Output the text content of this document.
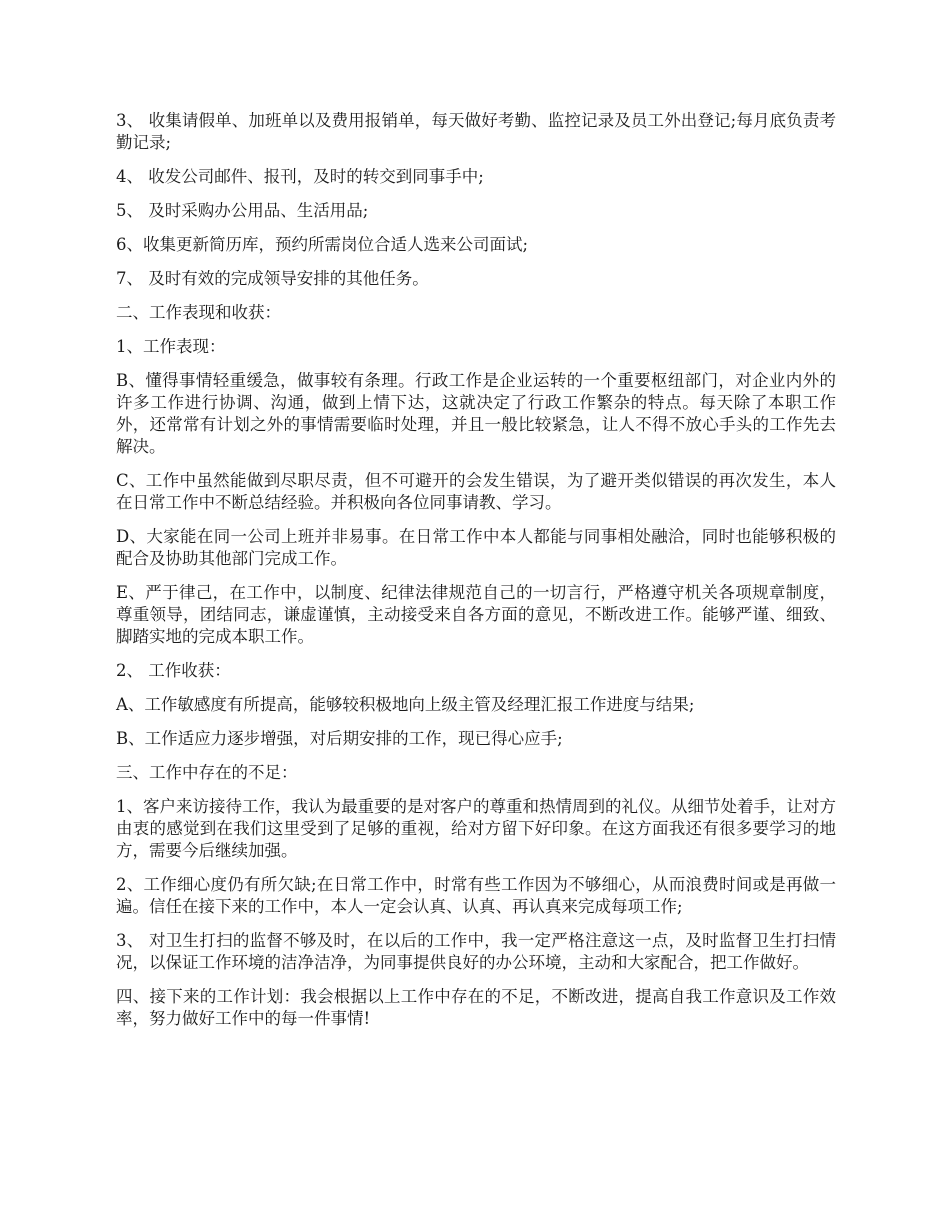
3、 收集请假单、加班单以及费用报销单，每天做好考勤、监控记录及员工外出登记;每月底负责考勤记录;

4、 收发公司邮件、报刊，及时的转交到同事手中;

5、 及时采购办公用品、生活用品;

6、收集更新简历库，预约所需岗位合适人选来公司面试;

7、 及时有效的完成领导安排的其他任务。

二、工作表现和收获：

1、工作表现：

B、懂得事情轻重缓急，做事较有条理。行政工作是企业运转的一个重要枢纽部门，对企业内外的许多工作进行协调、沟通，做到上情下达，这就决定了行政工作繁杂的特点。每天除了本职工作外，还常常有计划之外的事情需要临时处理，并且一般比较紧急，让人不得不放心手头的工作先去解决。

C、工作中虽然能做到尽职尽责，但不可避开的会发生错误，为了避开类似错误的再次发生，本人在日常工作中不断总结经验。并积极向各位同事请教、学习。

D、大家能在同一公司上班并非易事。在日常工作中本人都能与同事相处融洽，同时也能够积极的配合及协助其他部门完成工作。

E、严于律己，在工作中，以制度、纪律法律规范自己的一切言行，严格遵守机关各项规章制度，尊重领导，团结同志，谦虚谨慎，主动接受来自各方面的意见，不断改进工作。能够严谨、细致、脚踏实地的完成本职工作。

2、 工作收获：

A、工作敏感度有所提高，能够较积极地向上级主管及经理汇报工作进度与结果;

B、工作适应力逐步增强，对后期安排的工作，现已得心应手;

三、工作中存在的不足：

1、客户来访接待工作，我认为最重要的是对客户的尊重和热情周到的礼仪。从细节处着手，让对方由衷的感觉到在我们这里受到了足够的重视，给对方留下好印象。在这方面我还有很多要学习的地方，需要今后继续加强。

2、工作细心度仍有所欠缺;在日常工作中，时常有些工作因为不够细心，从而浪费时间或是再做一遍。信任在接下来的工作中，本人一定会认真、认真、再认真来完成每项工作;

3、 对卫生打扫的监督不够及时，在以后的工作中，我一定严格注意这一点，及时监督卫生打扫情况，以保证工作环境的洁净洁净，为同事提供良好的办公环境，主动和大家配合，把工作做好。

四、接下来的工作计划：我会根据以上工作中存在的不足，不断改进，提高自我工作意识及工作效率，努力做好工作中的每一件事情!
